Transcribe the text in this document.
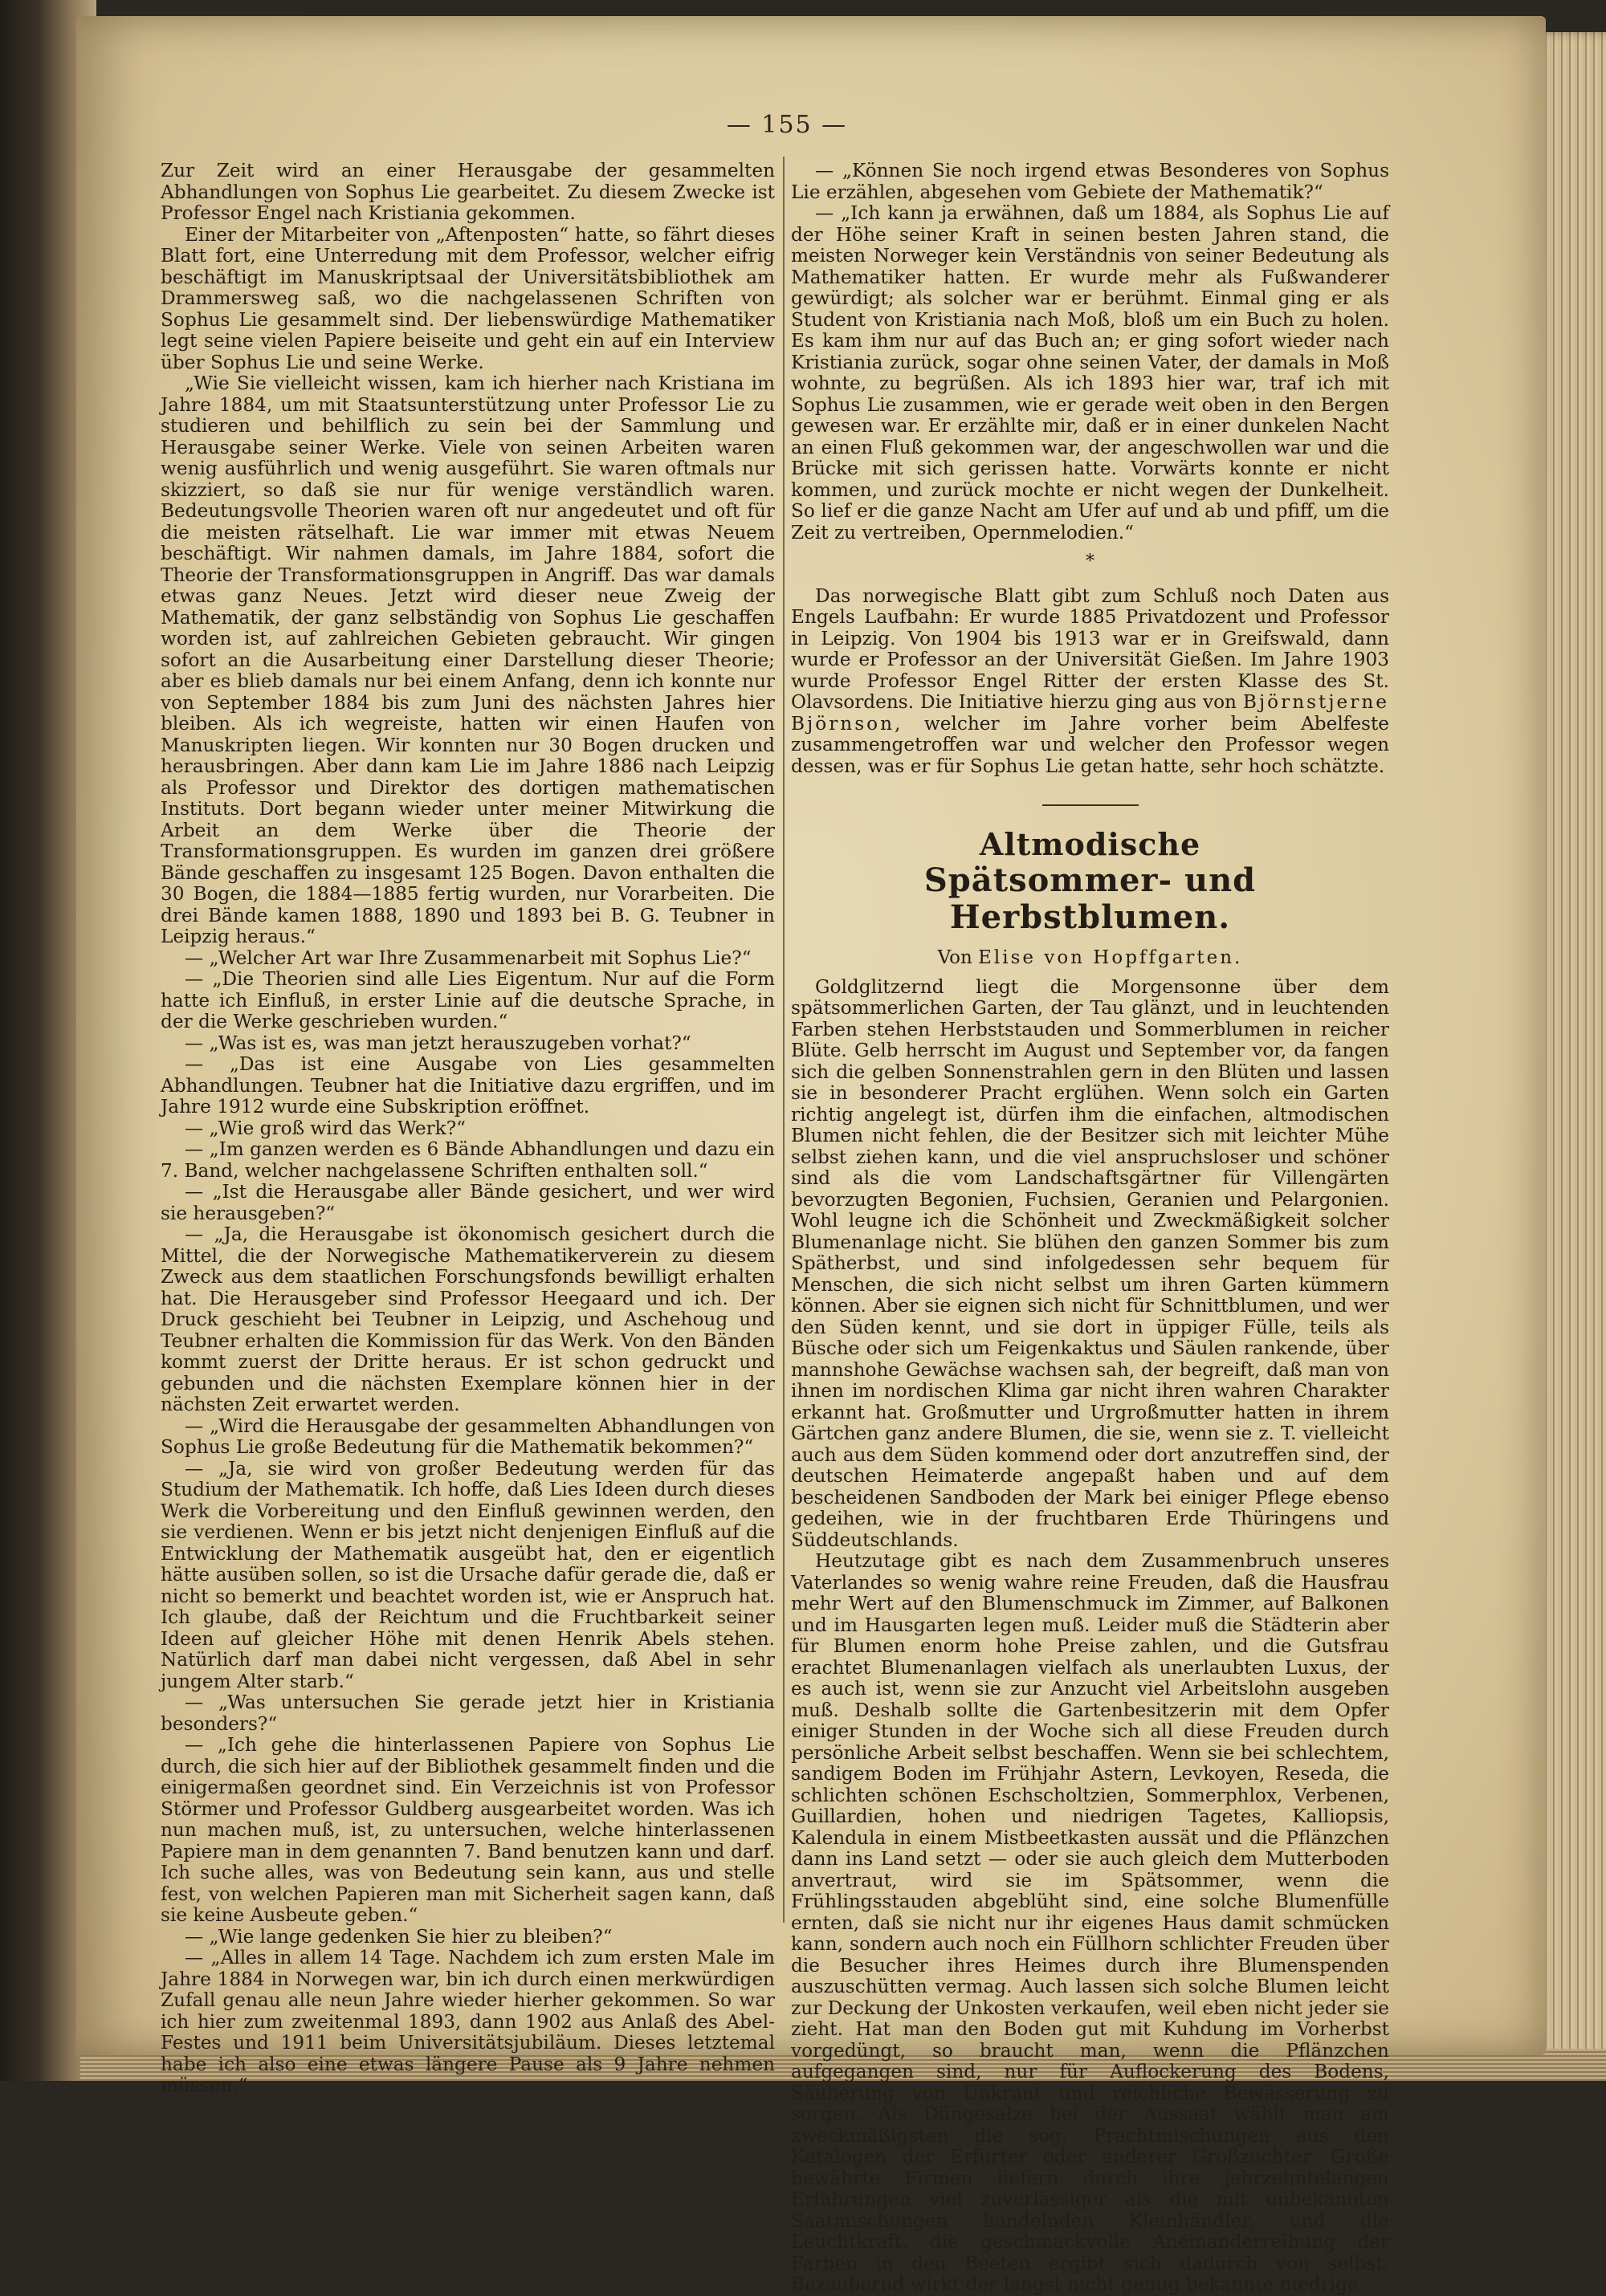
— 155 —

Zur Zeit wird an einer Herausgabe der gesammelten Abhandlungen von Sophus Lie gearbeitet. Zu diesem Zwecke ist Professor Engel nach Kristiania gekommen.

Einer der Mitarbeiter von „Aftenposten“ hatte, so fährt dieses Blatt fort, eine Unterredung mit dem Professor, welcher eifrig beschäftigt im Manuskriptsaal der Universitätsbibliothek am Drammersweg saß, wo die nachgelassenen Schriften von Sophus Lie gesammelt sind. Der liebenswürdige Mathematiker legt seine vielen Papiere beiseite und geht ein auf ein Interview über Sophus Lie und seine Werke.

„Wie Sie vielleicht wissen, kam ich hierher nach Kristiana im Jahre 1884, um mit Staatsunterstützung unter Professor Lie zu studieren und behilflich zu sein bei der Sammlung und Herausgabe seiner Werke. Viele von seinen Arbeiten waren wenig ausführlich und wenig ausgeführt. Sie waren oftmals nur skizziert, so daß sie nur für wenige verständlich waren. Bedeutungsvolle Theorien waren oft nur angedeutet und oft für die meisten rätselhaft. Lie war immer mit etwas Neuem beschäftigt. Wir nahmen damals, im Jahre 1884, sofort die Theorie der Transformationsgruppen in Angriff. Das war damals etwas ganz Neues. Jetzt wird dieser neue Zweig der Mathematik, der ganz selbständig von Sophus Lie geschaffen worden ist, auf zahlreichen Gebieten gebraucht. Wir gingen sofort an die Ausarbeitung einer Darstellung dieser Theorie; aber es blieb damals nur bei einem Anfang, denn ich konnte nur von September 1884 bis zum Juni des nächsten Jahres hier bleiben. Als ich wegreiste, hatten wir einen Haufen von Manuskripten liegen. Wir konnten nur 30 Bogen drucken und herausbringen. Aber dann kam Lie im Jahre 1886 nach Leipzig als Professor und Direktor des dortigen mathematischen Instituts. Dort begann wieder unter meiner Mitwirkung die Arbeit an dem Werke über die Theorie der Transformationsgruppen. Es wurden im ganzen drei größere Bände geschaffen zu insgesamt 125 Bogen. Davon enthalten die 30 Bogen, die 1884—1885 fertig wurden, nur Vorarbeiten. Die drei Bände kamen 1888, 1890 und 1893 bei B. G. Teubner in Leipzig heraus.“

— „Welcher Art war Ihre Zusammenarbeit mit Sophus Lie?“

— „Die Theorien sind alle Lies Eigentum. Nur auf die Form hatte ich Einfluß, in erster Linie auf die deutsche Sprache, in der die Werke geschrieben wurden.“

— „Was ist es, was man jetzt herauszugeben vorhat?“

— „Das ist eine Ausgabe von Lies gesammelten Abhandlungen. Teubner hat die Initiative dazu ergriffen, und im Jahre 1912 wurde eine Subskription eröffnet.

— „Wie groß wird das Werk?“

— „Im ganzen werden es 6 Bände Abhandlungen und dazu ein 7. Band, welcher nachgelassene Schriften enthalten soll.“

— „Ist die Herausgabe aller Bände gesichert, und wer wird sie herausgeben?“

— „Ja, die Herausgabe ist ökonomisch gesichert durch die Mittel, die der Norwegische Mathematikerverein zu diesem Zweck aus dem staatlichen Forschungsfonds bewilligt erhalten hat. Die Herausgeber sind Professor Heegaard und ich. Der Druck geschieht bei Teubner in Leipzig, und Aschehoug und Teubner erhalten die Kommission für das Werk. Von den Bänden kommt zuerst der Dritte heraus. Er ist schon gedruckt und gebunden und die nächsten Exemplare können hier in der nächsten Zeit erwartet werden.

— „Wird die Herausgabe der gesammelten Abhandlungen von Sophus Lie große Bedeutung für die Mathematik bekommen?“

— „Ja, sie wird von großer Bedeutung werden für das Studium der Mathematik. Ich hoffe, daß Lies Ideen durch dieses Werk die Vorbereitung und den Einfluß gewinnen werden, den sie verdienen. Wenn er bis jetzt nicht denjenigen Einfluß auf die Entwicklung der Mathematik ausgeübt hat, den er eigentlich hätte ausüben sollen, so ist die Ursache dafür gerade die, daß er nicht so bemerkt und beachtet worden ist, wie er Anspruch hat. Ich glaube, daß der Reichtum und die Fruchtbarkeit seiner Ideen auf gleicher Höhe mit denen Henrik Abels stehen. Natürlich darf man dabei nicht vergessen, daß Abel in sehr jungem Alter starb.“

— „Was untersuchen Sie gerade jetzt hier in Kristiania besonders?“

— „Ich gehe die hinterlassenen Papiere von Sophus Lie durch, die sich hier auf der Bibliothek gesammelt finden und die einigermaßen geordnet sind. Ein Verzeichnis ist von Professor Störmer und Professor Guldberg ausgearbeitet worden. Was ich nun machen muß, ist, zu untersuchen, welche hinterlassenen Papiere man in dem genannten 7. Band benutzen kann und darf. Ich suche alles, was von Bedeutung sein kann, aus und stelle fest, von welchen Papieren man mit Sicherheit sagen kann, daß sie keine Ausbeute geben.“

— „Wie lange gedenken Sie hier zu bleiben?“

— „Alles in allem 14 Tage. Nachdem ich zum ersten Male im Jahre 1884 in Norwegen war, bin ich durch einen merkwürdigen Zufall genau alle neun Jahre wieder hierher gekommen. So war ich hier zum zweitenmal 1893, dann 1902 aus Anlaß des Abel-Festes und 1911 beim Universitätsjubiläum. Dieses letztemal habe ich also eine etwas längere Pause als 9 Jahre nehmen müssen.“

— „Können Sie noch irgend etwas Besonderes von Sophus Lie erzählen, abgesehen vom Gebiete der Mathematik?“

— „Ich kann ja erwähnen, daß um 1884, als Sophus Lie auf der Höhe seiner Kraft in seinen besten Jahren stand, die meisten Norweger kein Verständnis von seiner Bedeutung als Mathematiker hatten. Er wurde mehr als Fußwanderer gewürdigt; als solcher war er berühmt. Einmal ging er als Student von Kristiania nach Moß, bloß um ein Buch zu holen. Es kam ihm nur auf das Buch an; er ging sofort wieder nach Kristiania zurück, sogar ohne seinen Vater, der damals in Moß wohnte, zu begrüßen. Als ich 1893 hier war, traf ich mit Sophus Lie zusammen, wie er gerade weit oben in den Bergen gewesen war. Er erzählte mir, daß er in einer dunkelen Nacht an einen Fluß gekommen war, der angeschwollen war und die Brücke mit sich gerissen hatte. Vorwärts konnte er nicht kommen, und zurück mochte er nicht wegen der Dunkelheit. So lief er die ganze Nacht am Ufer auf und ab und pfiff, um die Zeit zu vertreiben, Opernmelodien.“

*

Das norwegische Blatt gibt zum Schluß noch Daten aus Engels Laufbahn: Er wurde 1885 Privatdozent und Professor in Leipzig. Von 1904 bis 1913 war er in Greifswald, dann wurde er Professor an der Universität Gießen. Im Jahre 1903 wurde Professor Engel Ritter der ersten Klasse des St. Olavsordens. Die Initiative hierzu ging aus von Björnstjerne Björnson, welcher im Jahre vorher beim Abelfeste zusammengetroffen war und welcher den Professor wegen dessen, was er für Sophus Lie getan hatte, sehr hoch schätzte.

Altmodische
Spätsommer- und Herbstblumen.
Von Elise von Hopffgarten.

Goldglitzernd liegt die Morgensonne über dem spätsommerlichen Garten, der Tau glänzt, und in leuchtenden Farben stehen Herbststauden und Sommerblumen in reicher Blüte. Gelb herrscht im August und September vor, da fangen sich die gelben Sonnenstrahlen gern in den Blüten und lassen sie in besonderer Pracht erglühen. Wenn solch ein Garten richtig angelegt ist, dürfen ihm die einfachen, altmodischen Blumen nicht fehlen, die der Besitzer sich mit leichter Mühe selbst ziehen kann, und die viel anspruchsloser und schöner sind als die vom Landschaftsgärtner für Villengärten bevorzugten Begonien, Fuchsien, Geranien und Pelargonien. Wohl leugne ich die Schönheit und Zweckmäßigkeit solcher Blumenanlage nicht. Sie blühen den ganzen Sommer bis zum Spätherbst, und sind infolgedessen sehr bequem für Menschen, die sich nicht selbst um ihren Garten kümmern können. Aber sie eignen sich nicht für Schnittblumen, und wer den Süden kennt, und sie dort in üppiger Fülle, teils als Büsche oder sich um Feigenkaktus und Säulen rankende, über mannshohe Gewächse wachsen sah, der begreift, daß man von ihnen im nordischen Klima gar nicht ihren wahren Charakter erkannt hat. Großmutter und Urgroßmutter hatten in ihrem Gärtchen ganz andere Blumen, die sie, wenn sie z. T. vielleicht auch aus dem Süden kommend oder dort anzutreffen sind, der deutschen Heimaterde angepaßt haben und auf dem bescheidenen Sandboden der Mark bei einiger Pflege ebenso gedeihen, wie in der fruchtbaren Erde Thüringens und Süddeutschlands.

Heutzutage gibt es nach dem Zusammenbruch unseres Vaterlandes so wenig wahre reine Freuden, daß die Hausfrau mehr Wert auf den Blumenschmuck im Zimmer, auf Balkonen und im Hausgarten legen muß. Leider muß die Städterin aber für Blumen enorm hohe Preise zahlen, und die Gutsfrau erachtet Blumenanlagen vielfach als unerlaubten Luxus, der es auch ist, wenn sie zur Anzucht viel Arbeitslohn ausgeben muß. Deshalb sollte die Gartenbesitzerin mit dem Opfer einiger Stunden in der Woche sich all diese Freuden durch persönliche Arbeit selbst beschaffen. Wenn sie bei schlechtem, sandigem Boden im Frühjahr Astern, Levkoyen, Reseda, die schlichten schönen Eschscholtzien, Sommerphlox, Verbenen, Guillardien, hohen und niedrigen Tagetes, Kalliopsis, Kalendula in einem Mistbeetkasten aussät und die Pflänzchen dann ins Land setzt — oder sie auch gleich dem Mutterboden anvertraut, wird sie im Spätsommer, wenn die Frühlingsstauden abgeblüht sind, eine solche Blumenfülle ernten, daß sie nicht nur ihr eigenes Haus damit schmücken kann, sondern auch noch ein Füllhorn schlichter Freuden über die Besucher ihres Heimes durch ihre Blumenspenden auszuschütten vermag. Auch lassen sich solche Blumen leicht zur Deckung der Unkosten verkaufen, weil eben nicht jeder sie zieht. Hat man den Boden gut mit Kuhdung im Vorherbst vorgedüngt, so braucht man, wenn die Pflänzchen aufgegangen sind, nur für Auflockerung des Bodens, Säuberung von Unkraut und reichliche Bewässerung zu sorgen. Als Düngesalze bei der Aussaat wählt man am zweckmäßigsten die sog. Prachtmischungen aus den Katalogen der Erfurter oder anderer Großzüchter. Große bewährte Firmen liefern durch ihre jahrzehntelangen Erfahrungen viel zuverlässiger als die mit unbekannten Saatmischungen handelnden Kleinhändler, und die Leuchtkraft, die geschmackvolle Aneinanderreihung der Farben in den Beeten ergibt sich dadurch von selbst. Bezaubernd wirkt der längst nicht genug bekannte niedrige
